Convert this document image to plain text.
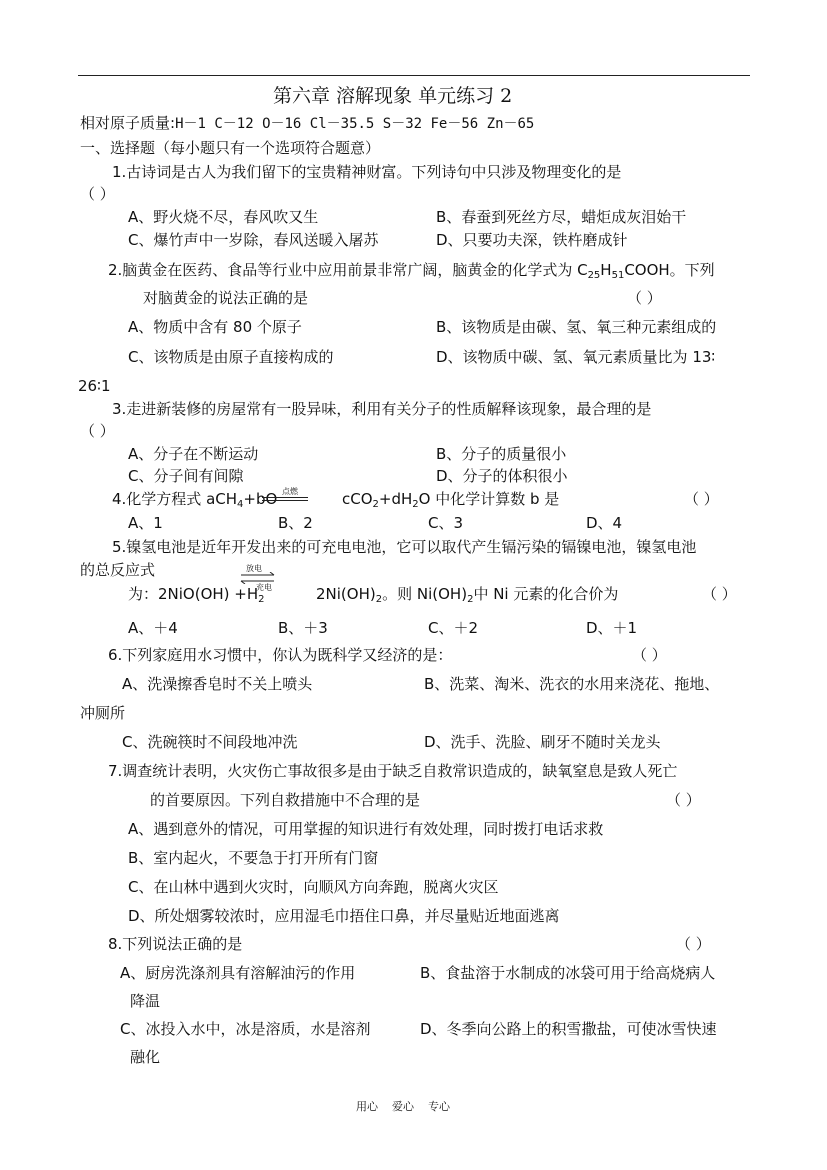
第六章 溶解现象 单元练习 2
相对原子质量:H－1 C－12 O－16 Cl－35.5 S－32 Fe－56 Zn－65
一、选择题（每小题只有一个选项符合题意）
1.古诗词是古人为我们留下的宝贵精神财富。下列诗句中只涉及物理变化的是
（ ）
A、野火烧不尽，春风吹又生	B、春蚕到死丝方尽，蜡炬成灰泪始干
C、爆竹声中一岁除，春风送暖入屠苏	D、只要功夫深，铁杵磨成针
2.脑黄金在医药、食品等行业中应用前景非常广阔，脑黄金的化学式为 $C_{25}H_{51}COOH$。下列
对脑黄金的说法正确的是	（ ）
A、物质中含有 80 个原子	B、该物质是由碳、氢、氧三种元素组成的
C、该物质是由原子直接构成的	D、该物质中碳、氢、氧元素质量比为 13∶
26∶1
3.走进新装修的房屋常有一股异味，利用有关分子的性质解释该现象，最合理的是
（ ）
A、分子在不断运动	B、分子的质量很小
C、分子间有间隙	D、分子的体积很小
4.化学方程式 aCH$_4$+bO 点燃	$cCO_2+dH_2O$ 中化学计算数 b 是	（ ）
A、1	B、2	C、3	D、4
5.镍氢电池是近年开发出来的可充电电池，它可以取代产生镉污染的镉镍电池，镍氢电池
的总反应式
为：$2NiO(OH) +H_2$
放电
充电	$2Ni(OH)_2$。则 $Ni(OH)_2$中 Ni 元素的化合价为	（ ）
A、＋4	B、＋3	C、＋2	D、＋1
6.下列家庭用水习惯中，你认为既科学又经济的是：	（ ）
A、洗澡擦香皂时不关上喷头	B、洗菜、淘米、洗衣的水用来浇花、拖地、
冲厕所
C、洗碗筷时不间段地冲洗	D、洗手、洗脸、刷牙不随时关龙头
7.调查统计表明，火灾伤亡事故很多是由于缺乏自救常识造成的，缺氧窒息是致人死亡
的首要原因。下列自救措施中不合理的是	（ ）
A、遇到意外的情况，可用掌握的知识进行有效处理，同时拨打电话求救
B、室内起火，不要急于打开所有门窗
C、在山林中遇到火灾时，向顺风方向奔跑，脱离火灾区
D、所处烟雾较浓时，应用湿毛巾捂住口鼻，并尽量贴近地面逃离
8.下列说法正确的是	（ ）
A、厨房洗涤剂具有溶解油污的作用	B、食盐溶于水制成的冰袋可用于给高烧病人
降温
C、冰投入水中，冰是溶质，水是溶剂	D、冬季向公路上的积雪撒盐，可使冰雪快速
融化
用心    爱心    专心
